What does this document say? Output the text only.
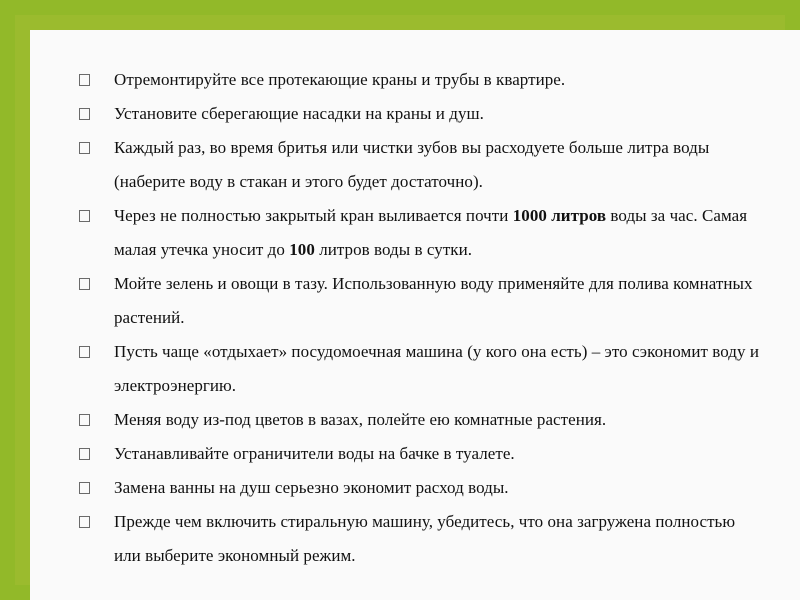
Отремонтируйте все протекающие краны и трубы в квартире.
Установите сберегающие насадки на краны и душ.
Каждый раз, во время бритья или чистки зубов вы расходуете больше литра воды (наберите воду в стакан и этого будет достаточно).
Через не полностью закрытый кран выливается почти 1000 литров воды за час. Самая малая утечка уносит до 100 литров воды в сутки.
Мойте зелень и овощи в тазу. Использованную воду применяйте для полива комнатных растений.
Пусть чаще «отдыхает» посудомоечная машина (у кого она есть) – это сэкономит воду и электроэнергию.
Меняя воду из-под цветов в вазах, полейте ею комнатные растения.
Устанавливайте ограничители воды на бачке в туалете.
Замена ванны на душ серьезно экономит расход воды.
Прежде чем включить стиральную машину, убедитесь, что она загружена полностью или выберите экономный режим.
